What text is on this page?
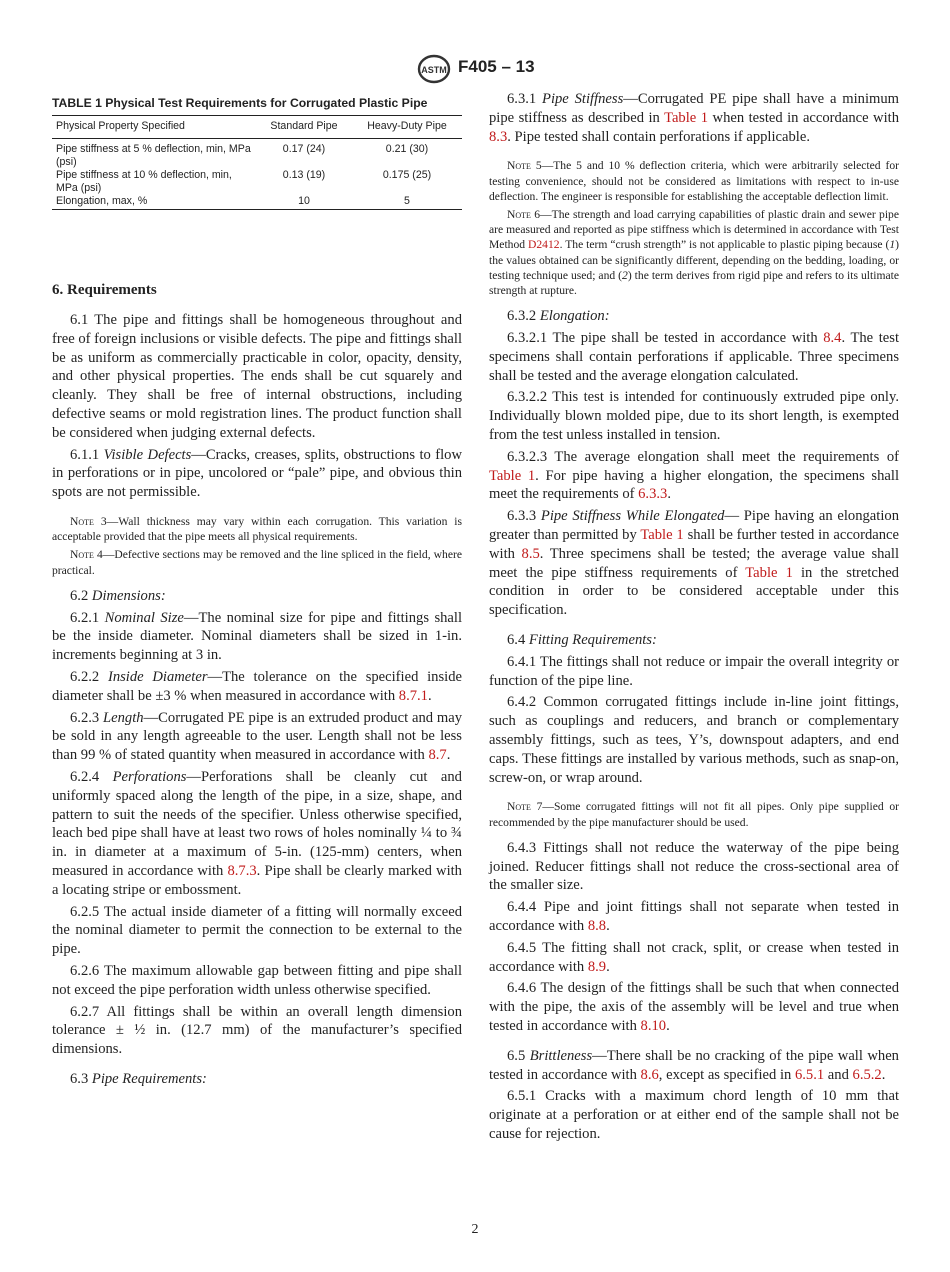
ASTM F405 – 13
TABLE 1 Physical Test Requirements for Corrugated Plastic Pipe
Physical Property Specified	Standard Pipe	Heavy-Duty Pipe
Pipe stiffness at 5 % deflection, min, MPa (psi)	0.17 (24)	0.21 (30)
Pipe stiffness at 10 % deflection, min, MPa (psi)	0.13 (19)	0.175 (25)
Elongation, max, %	10	5
6. Requirements

6.1 The pipe and fittings shall be homogeneous throughout and free of foreign inclusions or visible defects. The pipe and fittings shall be as uniform as commercially practicable in color, opacity, density, and other physical properties. The ends shall be cut squarely and cleanly. They shall be free of internal obstructions, including defective seams or mold registration lines. The product function shall be considered when judging external defects.

6.1.1 Visible Defects—Cracks, creases, splits, obstructions to flow in perforations or in pipe, uncolored or “pale” pipe, and obvious thin spots are not permissible.

Note 3—Wall thickness may vary within each corrugation. This variation is acceptable provided that the pipe meets all physical requirements.
Note 4—Defective sections may be removed and the line spliced in the field, where practical.

6.2 Dimensions:

6.2.1 Nominal Size—The nominal size for pipe and fittings shall be the inside diameter. Nominal diameters shall be sized in 1-in. increments beginning at 3 in.

6.2.2 Inside Diameter—The tolerance on the specified inside diameter shall be ±3 % when measured in accordance with 8.7.1.

6.2.3 Length—Corrugated PE pipe is an extruded product and may be sold in any length agreeable to the user. Length shall not be less than 99 % of stated quantity when measured in accordance with 8.7.

6.2.4 Perforations—Perforations shall be cleanly cut and uniformly spaced along the length of the pipe, in a size, shape, and pattern to suit the needs of the specifier. Unless otherwise specified, leach bed pipe shall have at least two rows of holes nominally ¼ to ¾ in. in diameter at a maximum of 5-in. (125-mm) centers, when measured in accordance with 8.7.3. Pipe shall be clearly marked with a locating stripe or embossment.

6.2.5 The actual inside diameter of a fitting will normally exceed the nominal diameter to permit the connection to be external to the pipe.

6.2.6 The maximum allowable gap between fitting and pipe shall not exceed the pipe perforation width unless otherwise specified.

6.2.7 All fittings shall be within an overall length dimension tolerance ± ½ in. (12.7 mm) of the manufacturer’s specified dimensions.

6.3 Pipe Requirements:

6.3.1 Pipe Stiffness—Corrugated PE pipe shall have a minimum pipe stiffness as described in Table 1 when tested in accordance with 8.3. Pipe tested shall contain perforations if applicable.

Note 5—The 5 and 10 % deflection criteria, which were arbitrarily selected for testing convenience, should not be considered as limitations with respect to in-use deflection. The engineer is responsible for establishing the acceptable deflection limit.
Note 6—The strength and load carrying capabilities of plastic drain and sewer pipe are measured and reported as pipe stiffness which is determined in accordance with Test Method D2412. The term “crush strength” is not applicable to plastic piping because (1) the values obtained can be significantly different, depending on the bedding, loading, or testing technique used; and (2) the term derives from rigid pipe and refers to its ultimate strength at rupture.

6.3.2 Elongation:

6.3.2.1 The pipe shall be tested in accordance with 8.4. The test specimens shall contain perforations if applicable. Three specimens shall be tested and the average elongation calculated.

6.3.2.2 This test is intended for continuously extruded pipe only. Individually blown molded pipe, due to its short length, is exempted from the test unless installed in tension.

6.3.2.3 The average elongation shall meet the requirements of Table 1. For pipe having a higher elongation, the specimens shall meet the requirements of 6.3.3.

6.3.3 Pipe Stiffness While Elongated— Pipe having an elongation greater than permitted by Table 1 shall be further tested in accordance with 8.5. Three specimens shall be tested; the average value shall meet the pipe stiffness requirements of Table 1 in the stretched condition in order to be considered acceptable under this specification.

6.4 Fitting Requirements:

6.4.1 The fittings shall not reduce or impair the overall integrity or function of the pipe line.

6.4.2 Common corrugated fittings include in-line joint fittings, such as couplings and reducers, and branch or complementary assembly fittings, such as tees, Y’s, downspout adapters, and end caps. These fittings are installed by various methods, such as snap-on, screw-on, or wrap around.

Note 7—Some corrugated fittings will not fit all pipes. Only pipe supplied or recommended by the pipe manufacturer should be used.

6.4.3 Fittings shall not reduce the waterway of the pipe being joined. Reducer fittings shall not reduce the cross-sectional area of the smaller size.

6.4.4 Pipe and joint fittings shall not separate when tested in accordance with 8.8.

6.4.5 The fitting shall not crack, split, or crease when tested in accordance with 8.9.

6.4.6 The design of the fittings shall be such that when connected with the pipe, the axis of the assembly will be level and true when tested in accordance with 8.10.

6.5 Brittleness—There shall be no cracking of the pipe wall when tested in accordance with 8.6, except as specified in 6.5.1 and 6.5.2.

6.5.1 Cracks with a maximum chord length of 10 mm that originate at a perforation or at either end of the sample shall not be cause for rejection.

2
